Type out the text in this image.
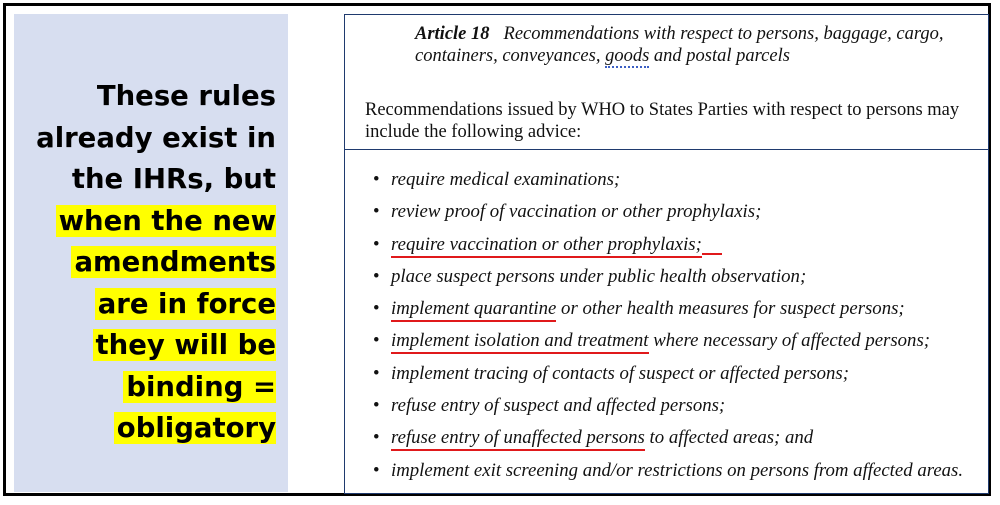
These rules
already exist in
the IHRs, but
when the new
amendments
are in force
they will be
binding =
obligatory
Article 18 Recommendations with respect to persons, baggage, cargo,
containers, conveyances, goods and postal parcels
Recommendations issued by WHO to States Parties with respect to persons may include the following advice:
• require medical examinations;
• review proof of vaccination or other prophylaxis;
• require vaccination or other prophylaxis;
• place suspect persons under public health observation;
• implement quarantine or other health measures for suspect persons;
• implement isolation and treatment where necessary of affected persons;
• implement tracing of contacts of suspect or affected persons;
• refuse entry of suspect and affected persons;
• refuse entry of unaffected persons to affected areas; and
• implement exit screening and/or restrictions on persons from affected areas.
